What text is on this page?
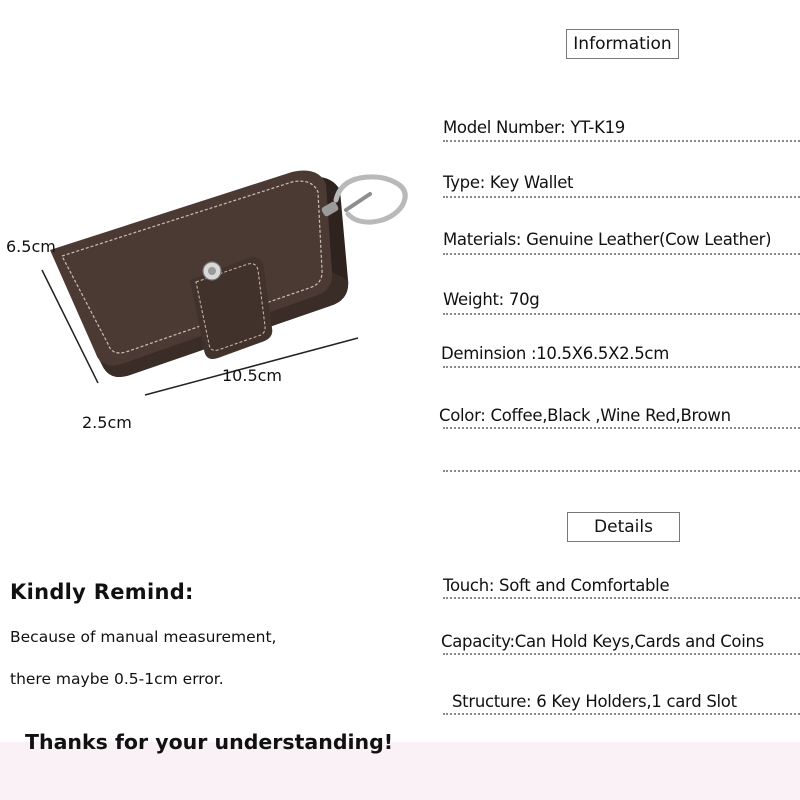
6.5cm
10.5cm
2.5cm
Information
Model Number: YT-K19
Type: Key Wallet
Materials: Genuine Leather(Cow Leather)
Weight: 70g
Deminsion :10.5X6.5X2.5cm
Color: Coffee,Black ,Wine Red,Brown
Details
Touch: Soft and Comfortable
Capacity:Can Hold Keys,Cards and Coins
Structure: 6 Key Holders,1 card Slot
Kindly Remind:
Because of manual measurement,
there maybe 0.5-1cm error.
Thanks for your understanding!
